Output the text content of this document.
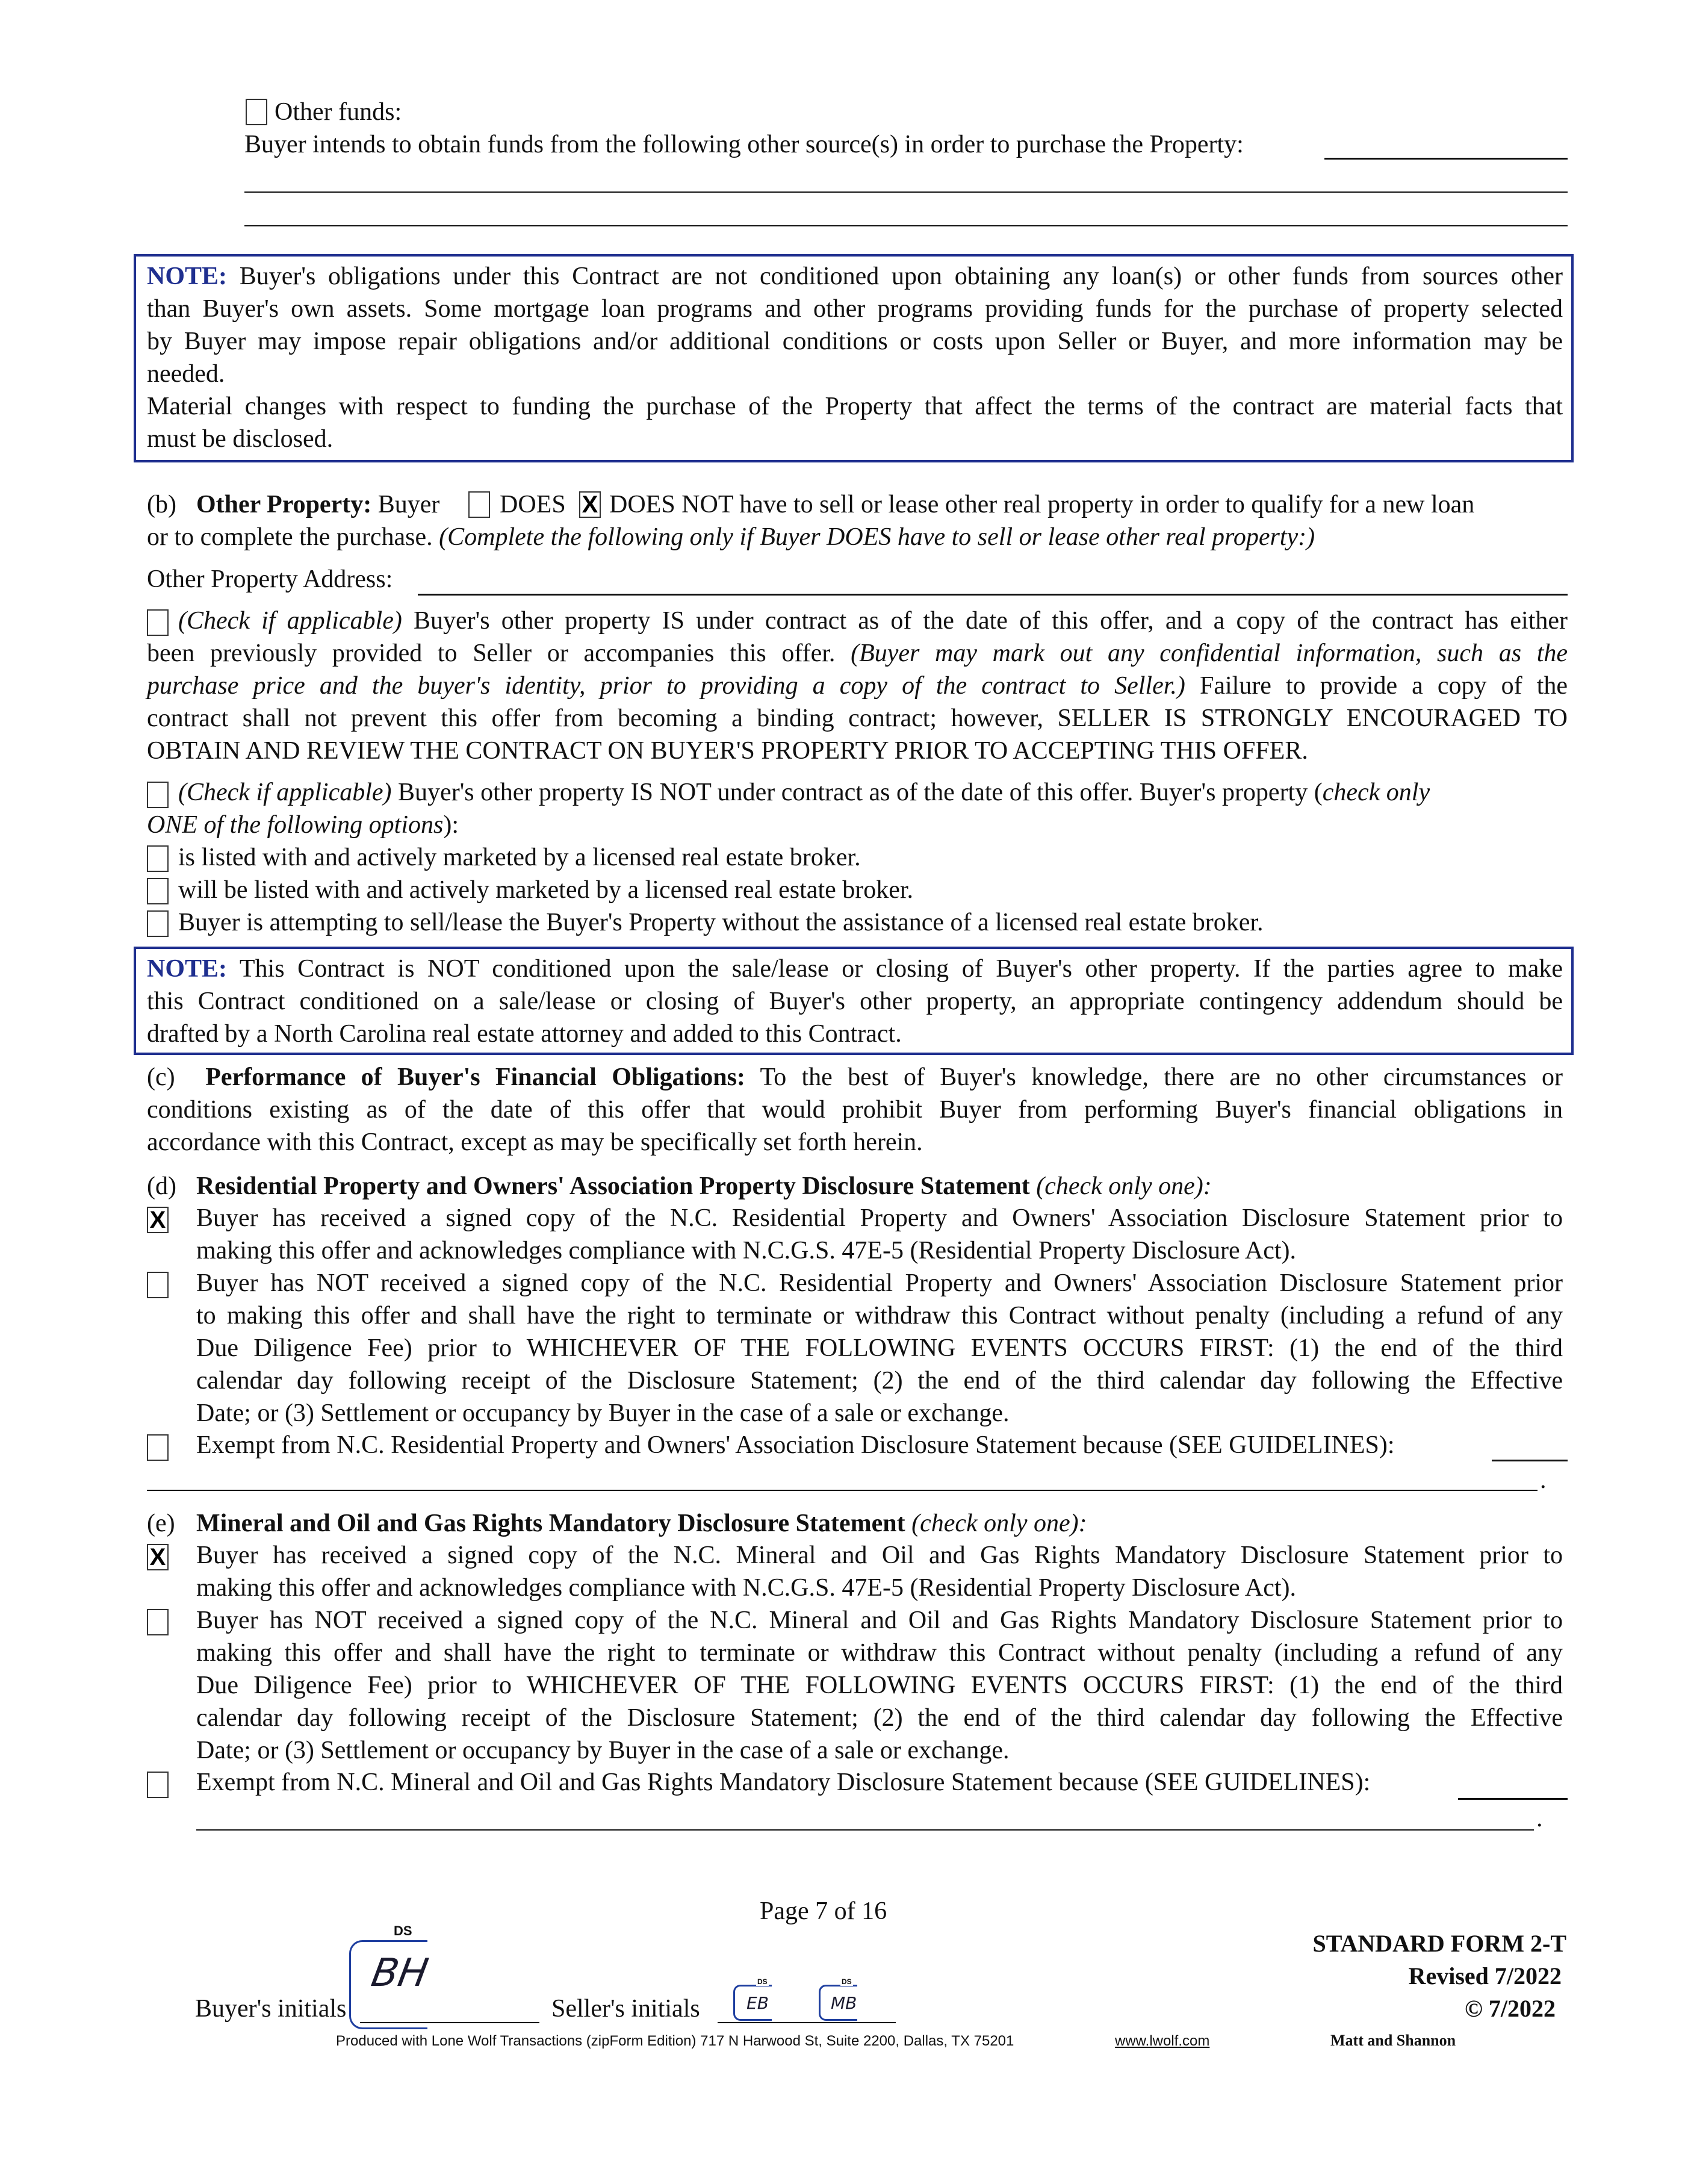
Other funds:
Buyer intends to obtain funds from the following other source(s) in order to purchase the Property:
NOTE: Buyer's obligations under this Contract are not conditioned upon obtaining any loan(s) or other funds from sources other
than Buyer's own assets. Some mortgage loan programs and other programs providing funds for the purchase of property selected
by Buyer may impose repair obligations and/or additional conditions or costs upon Seller or Buyer, and more information may be
needed.
Material changes with respect to funding the purchase of the Property that affect the terms of the contract are material facts that
must be disclosed.
(b) Other Property: Buyer DOES
X DOES NOT have to sell or lease other real property in order to qualify for a new loan
or to complete the purchase. (Complete the following only if Buyer DOES have to sell or lease other real property:)
Other Property Address:
(Check if applicable) Buyer's other property IS under contract as of the date of this offer, and a copy of the contract has either
been previously provided to Seller or accompanies this offer. (Buyer may mark out any confidential information, such as the
purchase price and the buyer's identity, prior to providing a copy of the contract to Seller.) Failure to provide a copy of the
contract shall not prevent this offer from becoming a binding contract; however, SELLER IS STRONGLY ENCOURAGED TO
OBTAIN AND REVIEW THE CONTRACT ON BUYER'S PROPERTY PRIOR TO ACCEPTING THIS OFFER.
(Check if applicable) Buyer's other property IS NOT under contract as of the date of this offer. Buyer's property (check only
ONE of the following options):
is listed with and actively marketed by a licensed real estate broker.
will be listed with and actively marketed by a licensed real estate broker.
Buyer is attempting to sell/lease the Buyer's Property without the assistance of a licensed real estate broker.
NOTE: This Contract is NOT conditioned upon the sale/lease or closing of Buyer's other property. If the parties agree to make
this Contract conditioned on a sale/lease or closing of Buyer's other property, an appropriate contingency addendum should be
drafted by a North Carolina real estate attorney and added to this Contract.
(c) Performance of Buyer's Financial Obligations: To the best of Buyer's knowledge, there are no other circumstances or
conditions existing as of the date of this offer that would prohibit Buyer from performing Buyer's financial obligations in
accordance with this Contract, except as may be specifically set forth herein.
(d) Residential Property and Owners' Association Property Disclosure Statement (check only one):
X
Buyer has received a signed copy of the N.C. Residential Property and Owners' Association Disclosure Statement prior to
making this offer and acknowledges compliance with N.C.G.S. 47E-5 (Residential Property Disclosure Act).
Buyer has NOT received a signed copy of the N.C. Residential Property and Owners' Association Disclosure Statement prior
to making this offer and shall have the right to terminate or withdraw this Contract without penalty (including a refund of any
Due Diligence Fee) prior to WHICHEVER OF THE FOLLOWING EVENTS OCCURS FIRST: (1) the end of the third
calendar day following receipt of the Disclosure Statement; (2) the end of the third calendar day following the Effective
Date; or (3) Settlement or occupancy by Buyer in the case of a sale or exchange.
Exempt from N.C. Residential Property and Owners' Association Disclosure Statement because (SEE GUIDELINES):
.
(e) Mineral and Oil and Gas Rights Mandatory Disclosure Statement (check only one):
X
Buyer has received a signed copy of the N.C. Mineral and Oil and Gas Rights Mandatory Disclosure Statement prior to
making this offer and acknowledges compliance with N.C.G.S. 47E-5 (Residential Property Disclosure Act).
Buyer has NOT received a signed copy of the N.C. Mineral and Oil and Gas Rights Mandatory Disclosure Statement prior to
making this offer and shall have the right to terminate or withdraw this Contract without penalty (including a refund of any
Due Diligence Fee) prior to WHICHEVER OF THE FOLLOWING EVENTS OCCURS FIRST: (1) the end of the third
calendar day following receipt of the Disclosure Statement; (2) the end of the third calendar day following the Effective
Date; or (3) Settlement or occupancy by Buyer in the case of a sale or exchange.
Exempt from N.C. Mineral and Oil and Gas Rights Mandatory Disclosure Statement because (SEE GUIDELINES):
.
Page 7 of 16
STANDARD FORM 2-T
Revised 7/2022
© 7/2022
Buyer's initials
DS
BH
Seller's initials
DS
EB
DS
MB
Produced with Lone Wolf Transactions (zipForm Edition) 717 N Harwood St, Suite 2200, Dallas, TX 75201	www.lwolf.com	Matt and Shannon
